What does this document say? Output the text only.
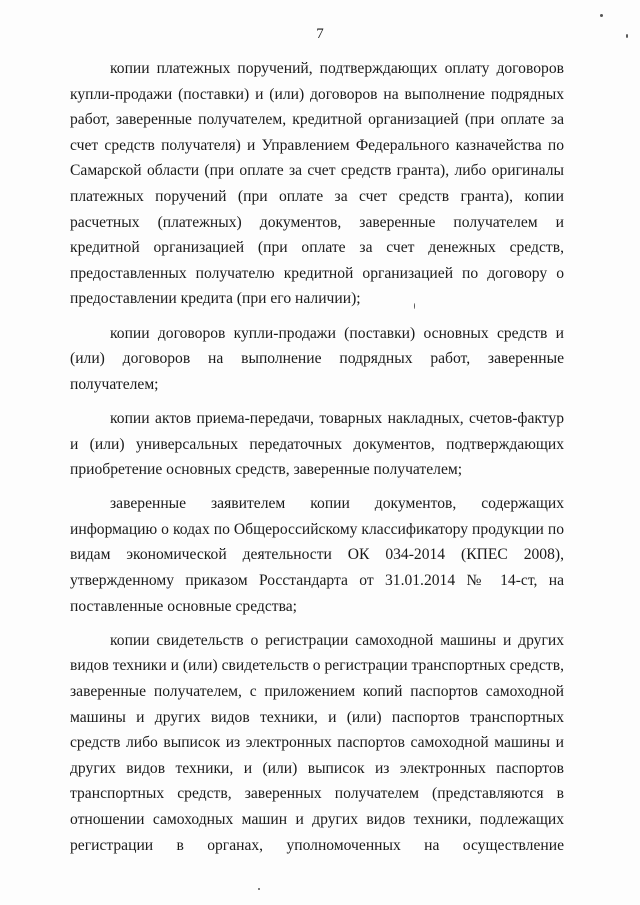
7

копии платежных поручений, подтверждающих оплату договоров купли-продажи (поставки) и (или) договоров на выполнение подрядных работ, заверенные получателем, кредитной организацией (при оплате за счет средств получателя) и Управлением Федерального казначейства по Самарской области (при оплате за счет средств гранта), либо оригиналы платежных поручений (при оплате за счет средств гранта), копии расчетных (платежных) документов, заверенные получателем и кредитной организацией (при оплате за счет денежных средств, предоставленных получателю кредитной организацией по договору о предоставлении кредита (при его наличии);

копии договоров купли-продажи (поставки) основных средств и (или) договоров на выполнение подрядных работ, заверенные получателем;

копии актов приема-передачи, товарных накладных, счетов-фактур и (или) универсальных передаточных документов, подтверждающих приобретение основных средств, заверенные получателем;

заверенные заявителем копии документов, содержащих информацию о кодах по Общероссийскому классификатору продукции по видам экономической деятельности ОК 034-2014 (КПЕС 2008), утвержденному приказом Росстандарта от 31.01.2014 № 14-ст, на поставленные основные средства;

копии свидетельств о регистрации самоходной машины и других видов техники и (или) свидетельств о регистрации транспортных средств, заверенные получателем, с приложением копий паспортов самоходной машины и других видов техники, и (или) паспортов транспортных средств либо выписок из электронных паспортов самоходной машины и других видов техники, и (или) выписок из электронных паспортов транспортных средств, заверенных получателем (представляются в отношении самоходных машин и других видов техники, подлежащих регистрации в органах, уполномоченных на осуществление
